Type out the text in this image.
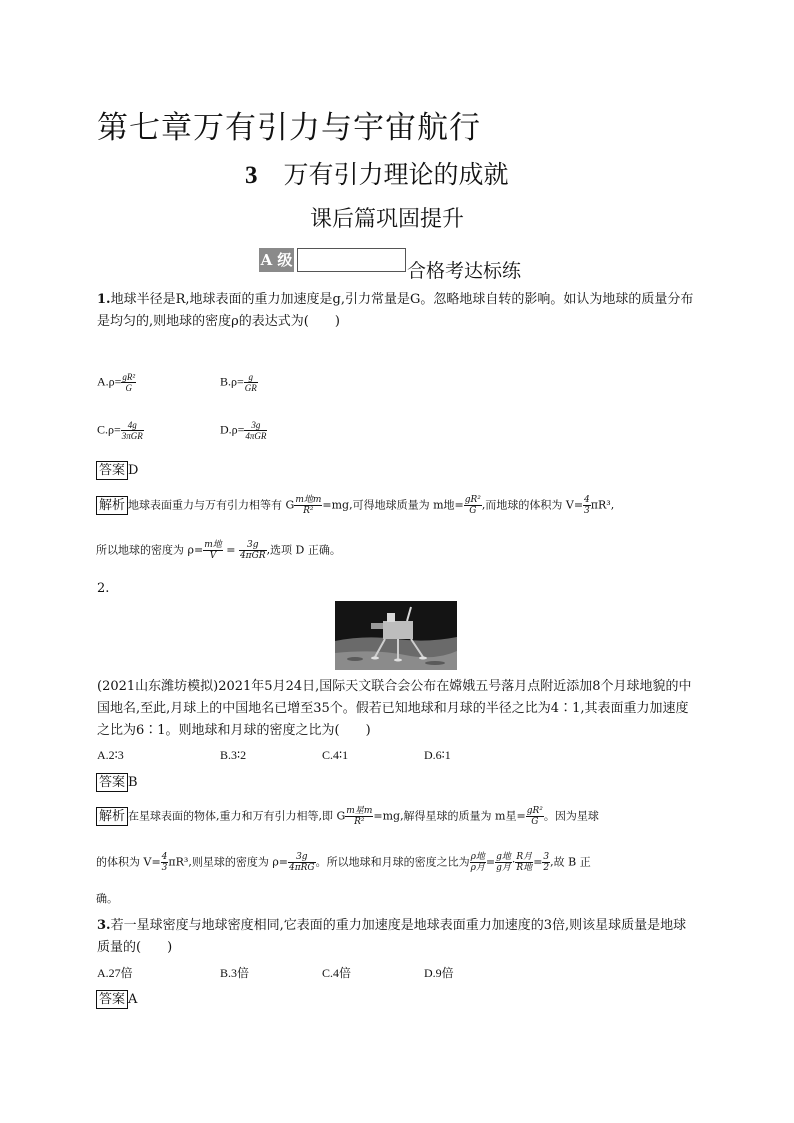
第七章万有引力与宇宙航行
3 万有引力理论的成就
课后篇巩固提升
A 级	合格考达标练
1.地球半径是R,地球表面的重力加速度是g,引力常量是G。忽略地球自转的影响。如认为地球的质量分布是均匀的,则地球的密度ρ的表达式为(　　)
$A.\rho= \frac{\text{gR²}}{G}$	$B.\rho= \frac{g}{GR}$
$C.\rho= \frac{4g}{\text{3πGR}}$	$D.\rho= \frac{3g}{\text{4πGR}}$
答案 D
解析 地球表面重力与万有引力相等有 G $\frac{\text{m地m}}{\text{R²}} =mg$,可得地球质量为 m地= $\frac{\text{gR²}}{G}$ ,而地球的体积为 $V= \frac{4}{3} \pi R^3$,
所以地球的密度为 $\rho= \frac{\text{m地}}{V} = \frac{3g}{\text{4πGR}}$ ,选项 D 正确。
2.
(2021山东潍坊模拟)2021年5月24日,国际天文联合会公布在嫦娥五号落月点附近添加8个月球地貌的中国地名,至此,月球上的中国地名已增至35个。假若已知地球和月球的半径之比为4∶1,其表面重力加速度之比为6∶1。则地球和月球的密度之比为(　　)
A.2∶3	B.3∶2	C.4∶1	D.6∶1
答案 B
解析 在星球表面的物体,重力和万有引力相等,即 G $\frac{\text{m星m}}{\text{R²}} =mg$,解得星球的质量为 m星= $\frac{\text{gR²}}{G}$ 。因为星球
的体积为 $V= \frac{4}{3} \pi R^3$,则星球的密度为 $\rho= \frac{3g}{\text{4πRG}}$ 。所以地球和月球的密度之比为 $\frac{\text{ρ地}}{\text{ρ月}} = \frac{\text{g地}}{\text{g月}} \cdot \frac{\text{R月}}{\text{R地}} = \frac{3}{2}$ ,故 B 正
确。
3.若一星球密度与地球密度相同,它表面的重力加速度是地球表面重力加速度的3倍,则该星球质量是地球质量的(　　)
A.27倍	B.3倍	C.4倍	D.9倍
答案 A
